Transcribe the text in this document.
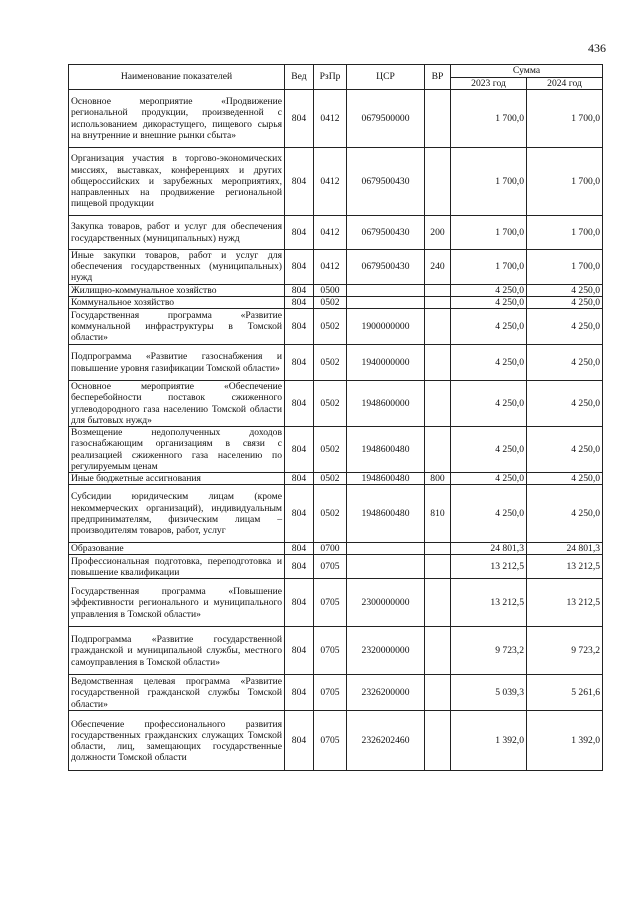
436
Наименование показателей	Вед	РзПр	ЦСР	ВР	Сумма	
					2023 год	2024 год
Основное мероприятие «Продвижение региональной продукции, произведенной с использованием дикорастущего, пищевого сырья на внутренние и внешние рынки сбыта»	804	0412	0679500000		1 700,0	1 700,0
Организация участия в торгово-экономических миссиях, выставках, конференциях и других общероссийских и зарубежных мероприятиях, направленных на продвижение региональной пищевой продукции	804	0412	0679500430		1 700,0	1 700,0
Закупка товаров, работ и услуг для обеспечения государственных (муниципальных) нужд	804	0412	0679500430	200	1 700,0	1 700,0
Иные закупки товаров, работ и услуг для обеспечения государственных (муниципальных) нужд	804	0412	0679500430	240	1 700,0	1 700,0
Жилищно-коммунальное хозяйство	804	0500			4 250,0	4 250,0
Коммунальное хозяйство	804	0502			4 250,0	4 250,0
Государственная программа «Развитие коммунальной инфраструктуры в Томской области»	804	0502	1900000000		4 250,0	4 250,0
Подпрограмма «Развитие газоснабжения и повышение уровня газификации Томской области»	804	0502	1940000000		4 250,0	4 250,0
Основное мероприятие «Обеспечение бесперебойности поставок сжиженного углеводородного газа населению Томской области для бытовых нужд»	804	0502	1948600000		4 250,0	4 250,0
Возмещение недополученных доходов газоснабжающим организациям в связи с реализацией сжиженного газа населению по регулируемым ценам	804	0502	1948600480		4 250,0	4 250,0
Иные бюджетные ассигнования	804	0502	1948600480	800	4 250,0	4 250,0
Субсидии юридическим лицам (кроме некоммерческих организаций), индивидуальным предпринимателям, физическим лицам – производителям товаров, работ, услуг	804	0502	1948600480	810	4 250,0	4 250,0
Образование	804	0700			24 801,3	24 801,3
Профессиональная подготовка, переподготовка и повышение квалификации	804	0705			13 212,5	13 212,5
Государственная программа «Повышение эффективности регионального и муниципального управления в Томской области»	804	0705	2300000000		13 212,5	13 212,5
Подпрограмма «Развитие государственной гражданской и муниципальной службы, местного самоуправления в Томской области»	804	0705	2320000000		9 723,2	9 723,2
Ведомственная целевая программа «Развитие государственной гражданской службы Томской области»	804	0705	2326200000		5 039,3	5 261,6
Обеспечение профессионального развития государственных гражданских служащих Томской области, лиц, замещающих государственные должности Томской области	804	0705	2326202460		1 392,0	1 392,0
